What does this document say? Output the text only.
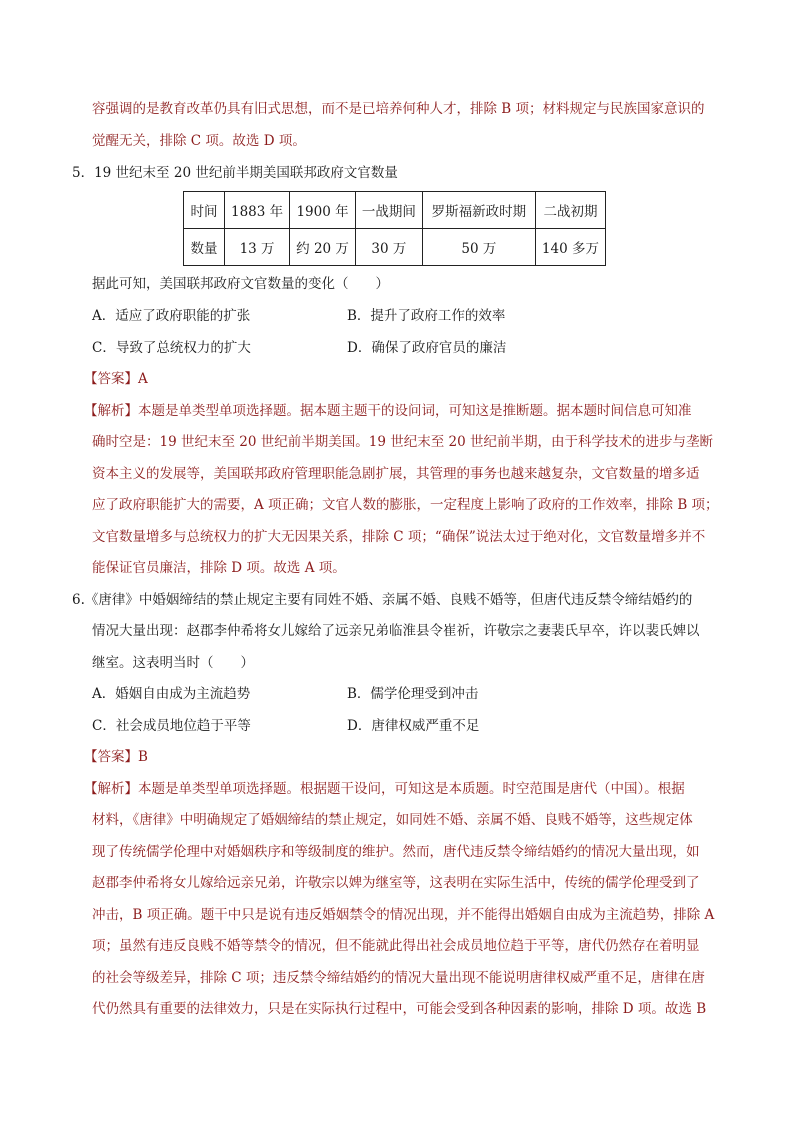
容强调的是教育改革仍具有旧式思想，而不是已培养何种人才，排除 B 项；材料规定与民族国家意识的
觉醒无关，排除 C 项。故选 D 项。
5．19 世纪末至 20 世纪前半期美国联邦政府文官数量
时间	1883 年	1900 年	一战期间	罗斯福新政时期	二战初期
数量	13 万	约 20 万	30 万	50 万	140 多万
据此可知，美国联邦政府文官数量的变化（　　）
A．适应了政府职能的扩张	B．提升了政府工作的效率
C．导致了总统权力的扩大	D．确保了政府官员的廉洁
【答案】A
【解析】本题是单类型单项选择题。据本题主题干的设问词，可知这是推断题。据本题时间信息可知准
确时空是：19 世纪末至 20 世纪前半期美国。19 世纪末至 20 世纪前半期，由于科学技术的进步与垄断
资本主义的发展等，美国联邦政府管理职能急剧扩展，其管理的事务也越来越复杂，文官数量的增多适
应了政府职能扩大的需要，A 项正确；文官人数的膨胀，一定程度上影响了政府的工作效率，排除 B 项；
文官数量增多与总统权力的扩大无因果关系，排除 C 项；“确保”说法太过于绝对化，文官数量增多并不
能保证官员廉洁，排除 D 项。故选 A 项。
6.《唐律》中婚姻缔结的禁止规定主要有同姓不婚、亲属不婚、良贱不婚等，但唐代违反禁令缔结婚约的
情况大量出现：赵郡李仲希将女儿嫁给了远亲兄弟临淮县令崔祈，许敬宗之妻裴氏早卒，许以裴氏婢以
继室。这表明当时（　　）
A．婚姻自由成为主流趋势	B．儒学伦理受到冲击
C．社会成员地位趋于平等	D．唐律权威严重不足
【答案】B
【解析】本题是单类型单项选择题。根据题干设问，可知这是本质题。时空范围是唐代（中国）。根据
材料，《唐律》中明确规定了婚姻缔结的禁止规定，如同姓不婚、亲属不婚、良贱不婚等，这些规定体
现了传统儒学伦理中对婚姻秩序和等级制度的维护。然而，唐代违反禁令缔结婚约的情况大量出现，如
赵郡李仲希将女儿嫁给远亲兄弟，许敬宗以婢为继室等，这表明在实际生活中，传统的儒学伦理受到了
冲击，B 项正确。题干中只是说有违反婚姻禁令的情况出现，并不能得出婚姻自由成为主流趋势，排除 A
项；虽然有违反良贱不婚等禁令的情况，但不能就此得出社会成员地位趋于平等，唐代仍然存在着明显
的社会等级差异，排除 C 项；违反禁令缔结婚约的情况大量出现不能说明唐律权威严重不足，唐律在唐
代仍然具有重要的法律效力，只是在实际执行过程中，可能会受到各种因素的影响，排除 D 项。故选 B
